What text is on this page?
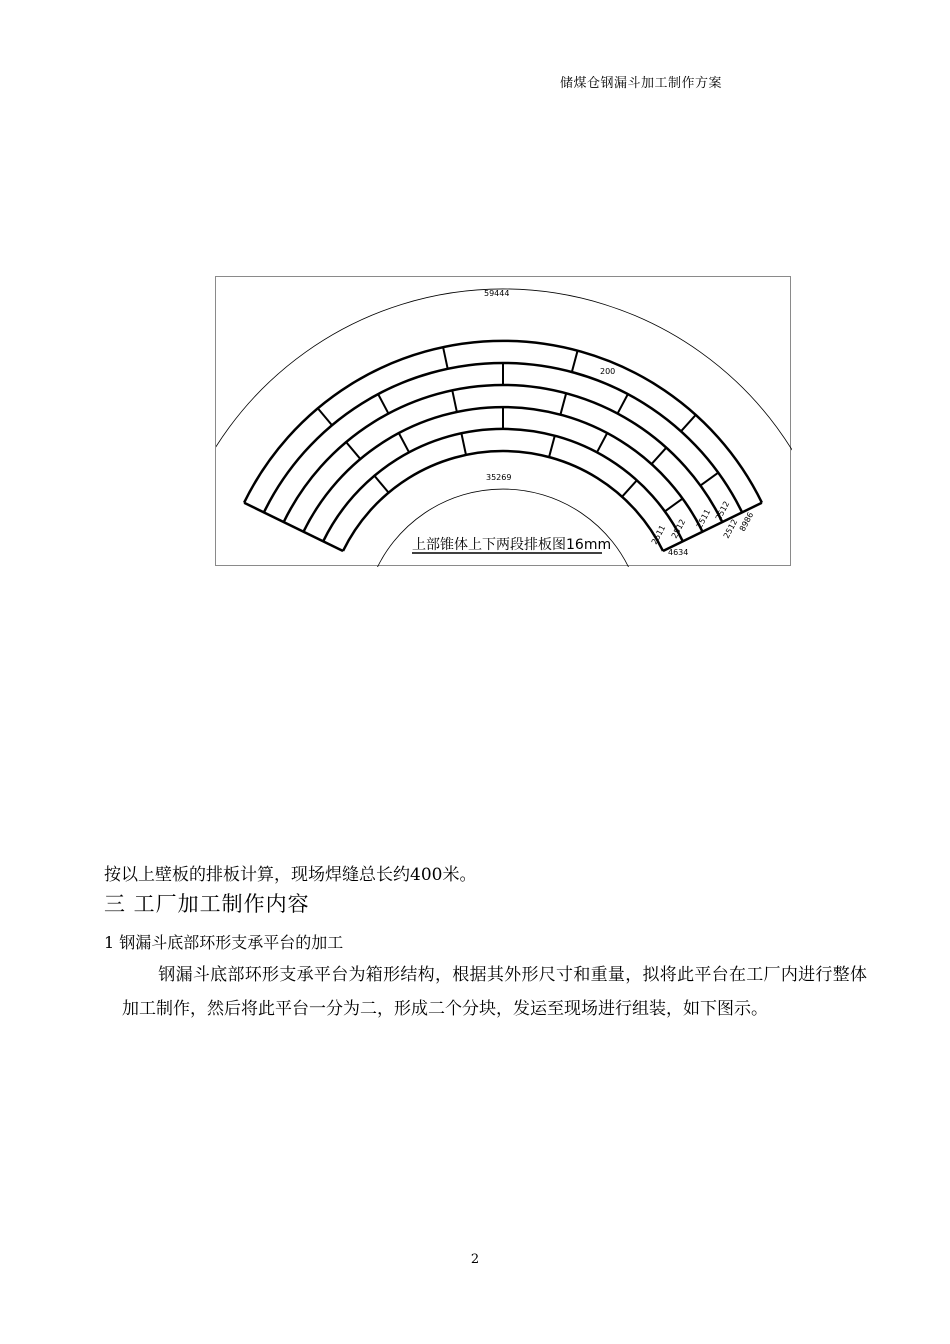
储煤仓钢漏斗加工制作方案
59444
35269
200
2511 2512 2511 2512
2512
8986
4634
上部锥体上下两段排板图16mm
按以上壁板的排板计算，现场焊缝总长约400米。
三 工厂加工制作内容
1 钢漏斗底部环形支承平台的加工
钢漏斗底部环形支承平台为箱形结构，根据其外形尺寸和重量，拟将此平台在工厂内进行整体加工制作，然后将此平台一分为二，形成二个分块，发运至现场进行组装，如下图示。
2
